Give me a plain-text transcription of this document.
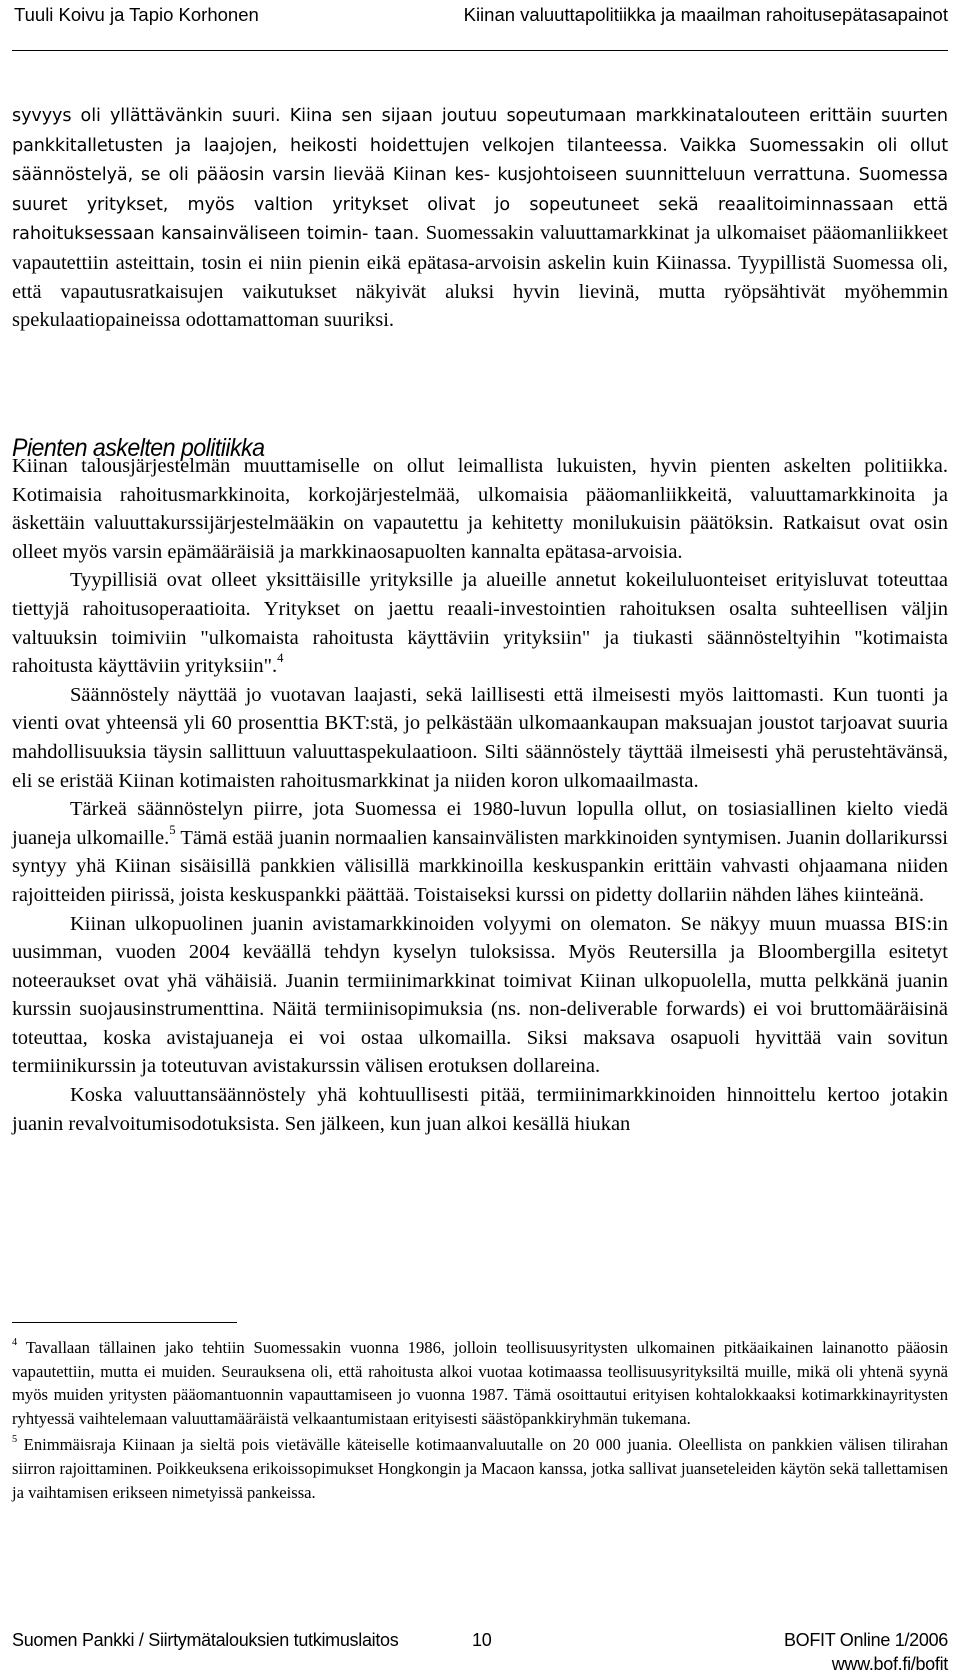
Tuuli Koivu ja Tapio Korhonen	Kiinan valuuttapolitiikka ja maailman rahoitusepätasapainot

syvyys oli yllättävänkin suuri. Kiina sen sijaan joutuu sopeutumaan markkinatalouteen erittäin suurten pankkitalletusten ja laajojen, heikosti hoidettujen velkojen tilanteessa. Vaikka Suomessakin oli ollut säännöstelyä, se oli pääosin varsin lievää Kiinan kes- kusjohtoiseen suunnitteluun verrattuna. Suomessa suuret yritykset, myös valtion yritykset olivat jo sopeutuneet sekä reaalitoiminnassaan että rahoituksessaan kansainväliseen toimin- taan. Suomessakin valuuttamarkkinat ja ulkomaiset pääomanliikkeet vapautettiin asteittain, tosin ei niin pienin eikä epätasa-arvoisin askelin kuin Kiinassa. Tyypillistä Suomessa oli, että vapautusratkaisujen vaikutukset näkyivät aluksi hyvin lievinä, mutta ryöpsähtivät myöhemmin spekulaatiopaineissa odottamattoman suuriksi.

Pienten askelten politiikka

Kiinan talousjärjestelmän muuttamiselle on ollut leimallista lukuisten, hyvin pienten askelten politiikka. Kotimaisia rahoitusmarkkinoita, korkojärjestelmää, ulkomaisia pääomanliikkeitä, valuuttamarkkinoita ja äskettäin valuuttakurssijärjestelmääkin on vapautettu ja kehitetty monilukuisin päätöksin. Ratkaisut ovat osin olleet myös varsin epämääräisiä ja markkinaosapuolten kannalta epätasa-arvoisia.

Tyypillisiä ovat olleet yksittäisille yrityksille ja alueille annetut kokeiluluonteiset erityisluvat toteuttaa tiettyjä rahoitusoperaatioita. Yritykset on jaettu reaali-investointien rahoituksen osalta suhteellisen väljin valtuuksin toimiviin "ulkomaista rahoitusta käyttäviin yrityksiin" ja tiukasti säännösteltyihin "kotimaista rahoitusta käyttäviin yrityksiin".$^4$

Säännöstely näyttää jo vuotavan laajasti, sekä laillisesti että ilmeisesti myös laittomasti. Kun tuonti ja vienti ovat yhteensä yli 60 prosenttia BKT:stä, jo pelkästään ulkomaankaupan maksuajan joustot tarjoavat suuria mahdollisuuksia täysin sallittuun valuuttaspekulaatioon. Silti säännöstely täyttää ilmeisesti yhä perustehtävänsä, eli se eristää Kiinan kotimaisten rahoitusmarkkinat ja niiden koron ulkomaailmasta.

Tärkeä säännöstelyn piirre, jota Suomessa ei 1980-luvun lopulla ollut, on tosiasiallinen kielto viedä juaneja ulkomaille.$^5$ Tämä estää juanin normaalien kansainvälisten markkinoiden syntymisen. Juanin dollarikurssi syntyy yhä Kiinan sisäisillä pankkien välisillä markkinoilla keskuspankin erittäin vahvasti ohjaamana niiden rajoitteiden piirissä, joista keskuspankki päättää. Toistaiseksi kurssi on pidetty dollariin nähden lähes kiinteänä.

Kiinan ulkopuolinen juanin avistamarkkinoiden volyymi on olematon. Se näkyy muun muassa BIS:in uusimman, vuoden 2004 keväällä tehdyn kyselyn tuloksissa. Myös Reutersilla ja Bloombergilla esitetyt noteeraukset ovat yhä vähäisiä. Juanin termiinimarkkinat toimivat Kiinan ulkopuolella, mutta pelkkänä juanin kurssin suojausinstrumenttina. Näitä termiinisopimuksia (ns. non-deliverable forwards) ei voi bruttomääräisinä toteuttaa, koska avistajuaneja ei voi ostaa ulkomailla. Siksi maksava osapuoli hyvittää vain sovitun termiinikurssin ja toteutuvan avistakurssin välisen erotuksen dollareina.

Koska valuuttansäännöstely yhä kohtuullisesti pitää, termiinimarkkinoiden hinnoittelu kertoo jotakin juanin revalvoitumisodotuksista. Sen jälkeen, kun juan alkoi kesällä hiukan

$^4$ Tavallaan tällainen jako tehtiin Suomessakin vuonna 1986, jolloin teollisuusyritysten ulkomainen pitkäaikainen lainanotto pääosin vapautettiin, mutta ei muiden. Seurauksena oli, että rahoitusta alkoi vuotaa kotimaassa teollisuusyrityksiltä muille, mikä oli yhtenä syynä myös muiden yritysten pääomantuonnin vapauttamiseen jo vuonna 1987. Tämä osoittautui erityisen kohtalokkaaksi kotimarkkinayritysten ryhtyessä vaihtelemaan valuuttamääräistä velkaantumistaan erityisesti säästöpankkiryhmän tukemana.

$^5$ Enimmäisraja Kiinaan ja sieltä pois vietävälle käteiselle kotimaanvaluutalle on 20 000 juania. Oleellista on pankkien välisen tilirahan siirron rajoittaminen. Poikkeuksena erikoissopimukset Hongkongin ja Macaon kanssa, jotka sallivat juanseteleiden käytön sekä tallettamisen ja vaihtamisen erikseen nimetyissä pankeissa.

Suomen Pankki / Siirtymätalouksien tutkimuslaitos	10	BOFIT Online 1/2006
www.bof.fi/bofit
